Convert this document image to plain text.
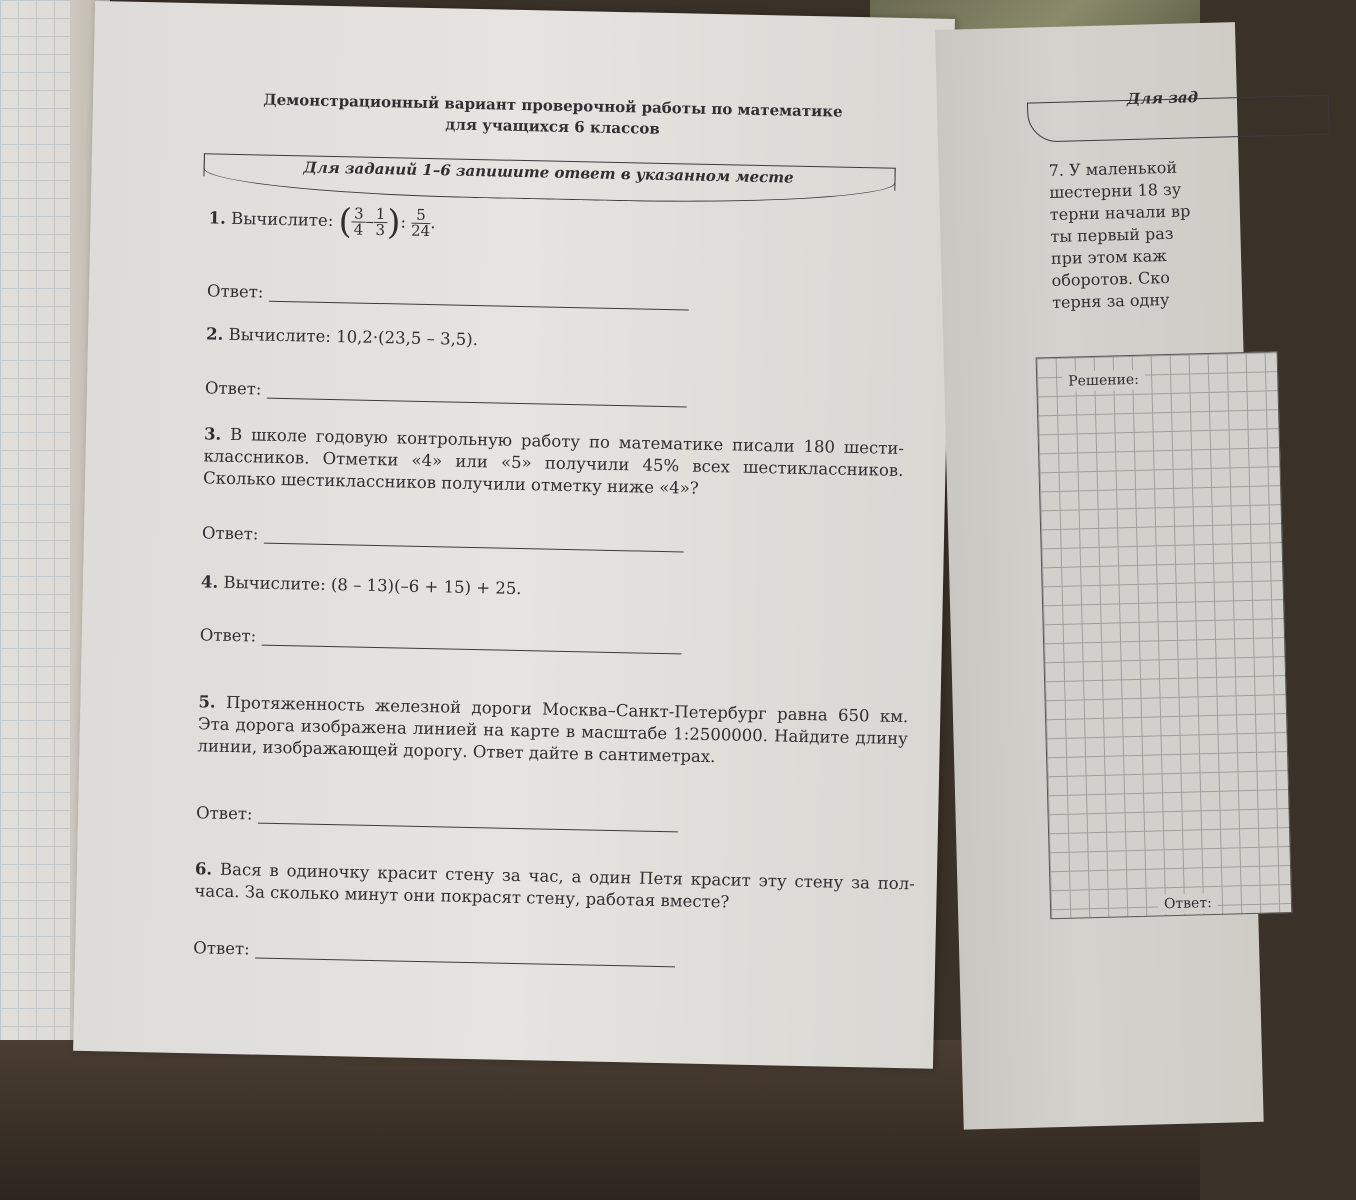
Демонстрационный вариант проверочной работы по математике
для учащихся 6 классов
Для заданий 1–6 запишите ответ в указанном месте
1. Вычислите: ( $\frac{3}{4} - \frac{1}{3}$ ): $\frac{5}{24}$ .
Ответ:
2. Вычислите: 10,2·(23,5 – 3,5).
Ответ:
3. В школе годовую контрольную работу по математике писали 180 шестиклассников. Отметки «4» или «5» получили 45% всех шестиклассников. Сколько шестиклассников получили отметку ниже «4»?
Ответ:
4. Вычислите: (8 – 13)(–6 + 15) + 25.
Ответ:
5. Протяженность железной дороги Москва–Санкт-Петербург равна 650 км. Эта дорога изображена линией на карте в масштабе 1:2500000. Найдите длину линии, изображающей дорогу. Ответ дайте в сантиметрах.
Ответ:
6. Вася в одиночку красит стену за час, а один Петя красит эту стену за полчаса. За сколько минут они покрасят стену, работая вместе?
Ответ:
Для зад
7. У маленькой
шестерни 18 зу
терни начали вр
ты первый раз
при этом каж
оборотов. Ско
терня за одну
Решение:
Ответ:
